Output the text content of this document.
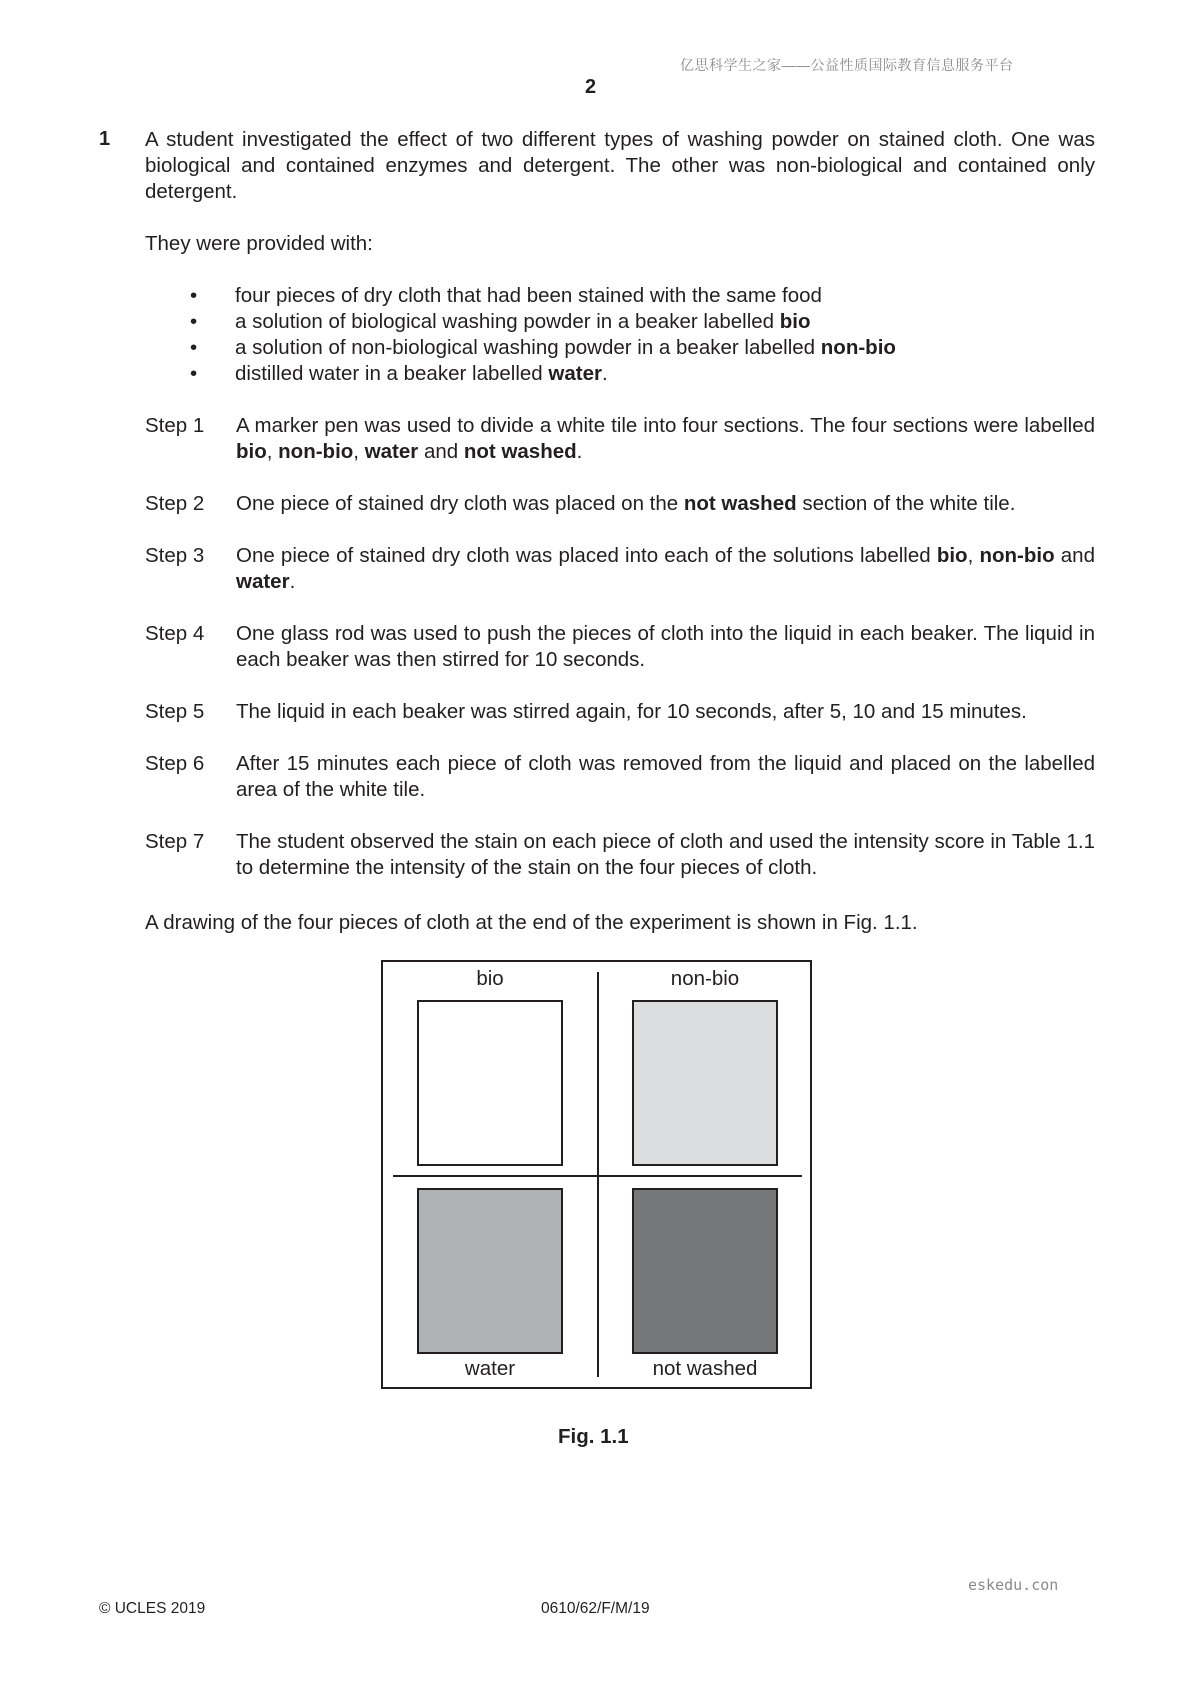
亿思科学生之家——公益性质国际教育信息服务平台
2
1 A student investigated the effect of two different types of washing powder on stained cloth. One was biological and contained enzymes and detergent. The other was non-biological and contained only detergent.
They were provided with:
• four pieces of dry cloth that had been stained with the same food
• a solution of biological washing powder in a beaker labelled bio
• a solution of non-biological washing powder in a beaker labelled non-bio
• distilled water in a beaker labelled water.
Step 1	A marker pen was used to divide a white tile into four sections. The four sections were labelled bio, non-bio, water and not washed.
Step 2	One piece of stained dry cloth was placed on the not washed section of the white tile.
Step 3	One piece of stained dry cloth was placed into each of the solutions labelled bio, non-bio and water.
Step 4	One glass rod was used to push the pieces of cloth into the liquid in each beaker. The liquid in each beaker was then stirred for 10 seconds.
Step 5	The liquid in each beaker was stirred again, for 10 seconds, after 5, 10 and 15 minutes.
Step 6	After 15 minutes each piece of cloth was removed from the liquid and placed on the labelled area of the white tile.
Step 7	The student observed the stain on each piece of cloth and used the intensity score in Table 1.1 to determine the intensity of the stain on the four pieces of cloth.
A drawing of the four pieces of cloth at the end of the experiment is shown in Fig. 1.1.
bio	non-bio
water	not washed
Fig. 1.1
eskedu.con
© UCLES 2019	0610/62/F/M/19
